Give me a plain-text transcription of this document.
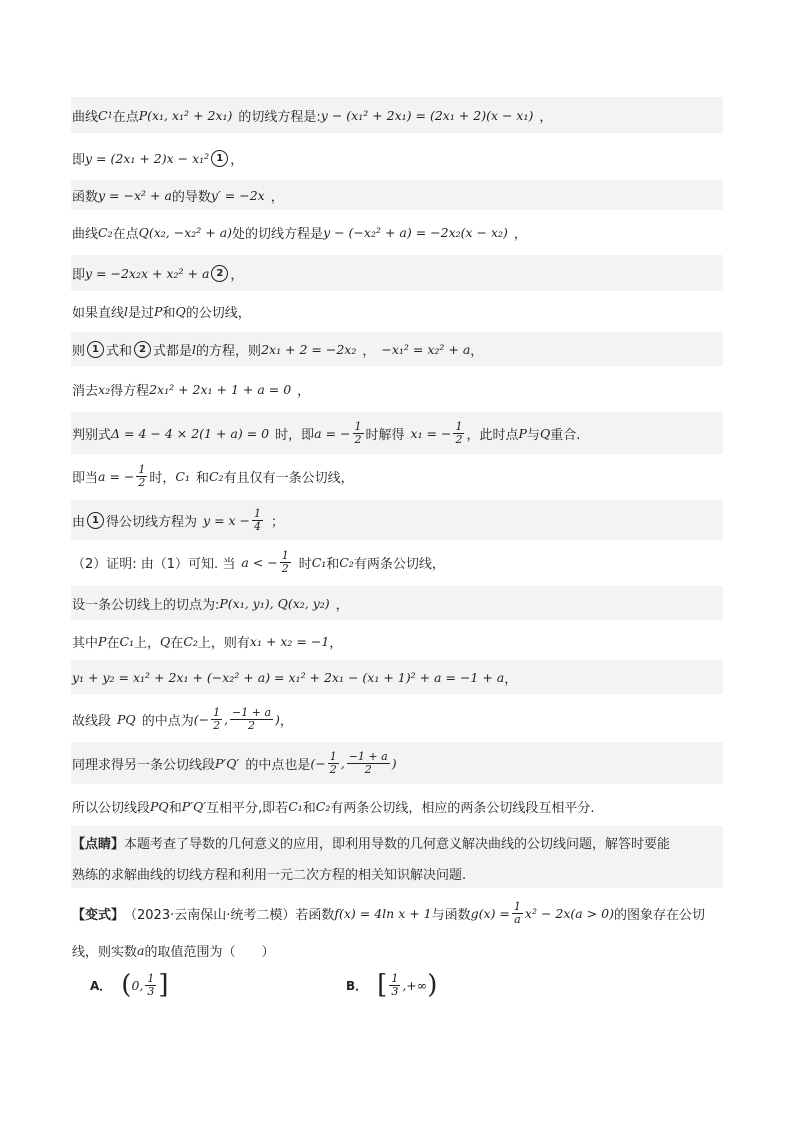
曲线 C 1 在点 P(x₁, x₁² + 2x₁) 的切线方程是: y − (x₁² + 2x₁) = (2x₁ + 2)(x − x₁) ，
即 y = (2x₁ + 2)x − x₁² 1 ，
函数 y = −x² + a 的导数 y′ = −2x ，
曲线 C₂ 在点 Q(x₂, −x₂² + a) 处的切线方程是 y − (−x₂² + a) = −2x₂(x − x₂) ，
即 y = −2x₂x + x₂² + a 2 ，
如果直线 l 是过 P 和 Q 的公切线，
则 1 式和 2 式都是 l 的方程，则 2x₁ + 2 = −2x₂ ， −x₁² = x₂² + a ，
消去 x₂ 得方程 2x₁² + 2x₁ + 1 + a = 0 ，
判别式 Δ = 4 − 4 × 2(1 + a) = 0 时，即 a = − $\frac{1}{2}$ 时解得 x₁ = − $\frac{1}{2}$ ，此时点 P 与 Q 重合.
即当 a = − $\frac{1}{2}$ 时， C₁ 和 C₂ 有且仅有一条公切线，
由 1 得公切线方程为 $y = x - \frac{1}{4}$ ；
（2）证明: 由（1）可知. 当 a < − $\frac{1}{2}$ 时 C₁ 和 C₂ 有两条公切线，
设一条公切线上的切点为: P(x₁, y₁), Q(x₂, y₂) ，
其中 P 在 C₁ 上， Q 在 C₂ 上，则有 x₁ + x₂ = −1 ，
y₁ + y₂ = x₁² + 2x₁ + (−x₂² + a) = x₁² + 2x₁ − (x₁ + 1)² + a = −1 + a ，
故线段 PQ 的中点为 (− $\frac{1}{2}$ , $\frac{-1 + a}{2}$ ) ，
同理求得另一条公切线段 P′Q′ 的中点也是 (− $\frac{1}{2}$ , $\frac{-1 + a}{2}$ )
所以公切线段 PQ 和 P′Q′ 互相平分,即若 C₁ 和 C₂ 有两条公切线，相应的两条公切线段互相平分.
【点睛】 本题考查了导数的几何意义的应用，即利用导数的几何意义解决曲线的公切线问题，解答时要能
熟练的求解曲线的切线方程和利用一元二次方程的相关知识解决问题.
【变式】 （2023·云南保山·统考二模）若函数 f(x) = 4ln x + 1 与函数 $g(x) = \frac{1}{a} x^2 - 2x(a > 0)$ 的图象存在公切
线，则实数 a 的取值范围为（　　）
A． ( 0, $\frac{1}{3}$ ]	B． [ $\frac{1}{3}$ ,+∞ )
